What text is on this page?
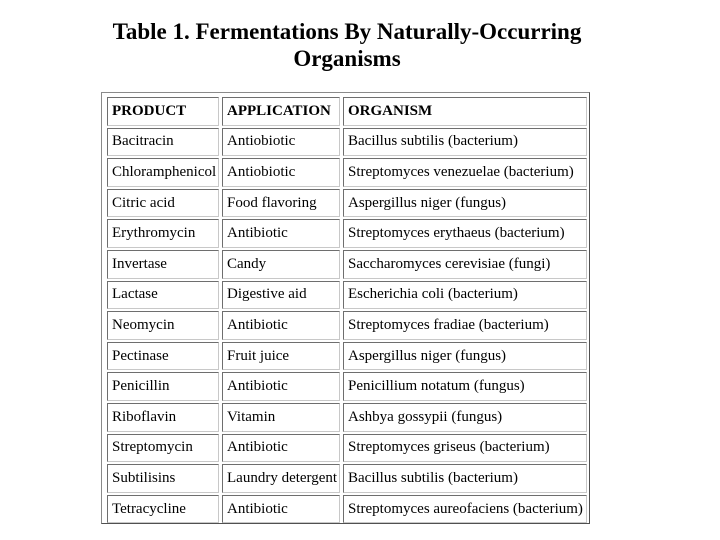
Table 1. Fermentations By Naturally-Occurring
Organisms
PRODUCT	APPLICATION	ORGANISM
Bacitracin	Antiobiotic	Bacillus subtilis (bacterium)
Chloramphenicol	Antiobiotic	Streptomyces venezuelae (bacterium)
Citric acid	Food flavoring	Aspergillus niger (fungus)
Erythromycin	Antibiotic	Streptomyces erythaeus (bacterium)
Invertase	Candy	Saccharomyces cerevisiae (fungi)
Lactase	Digestive aid	Escherichia coli (bacterium)
Neomycin	Antibiotic	Streptomyces fradiae (bacterium)
Pectinase	Fruit juice	Aspergillus niger (fungus)
Penicillin	Antibiotic	Penicillium notatum (fungus)
Riboflavin	Vitamin	Ashbya gossypii (fungus)
Streptomycin	Antibiotic	Streptomyces griseus (bacterium)
Subtilisins	Laundry detergent	Bacillus subtilis (bacterium)
Tetracycline	Antibiotic	Streptomyces aureofaciens (bacterium)
